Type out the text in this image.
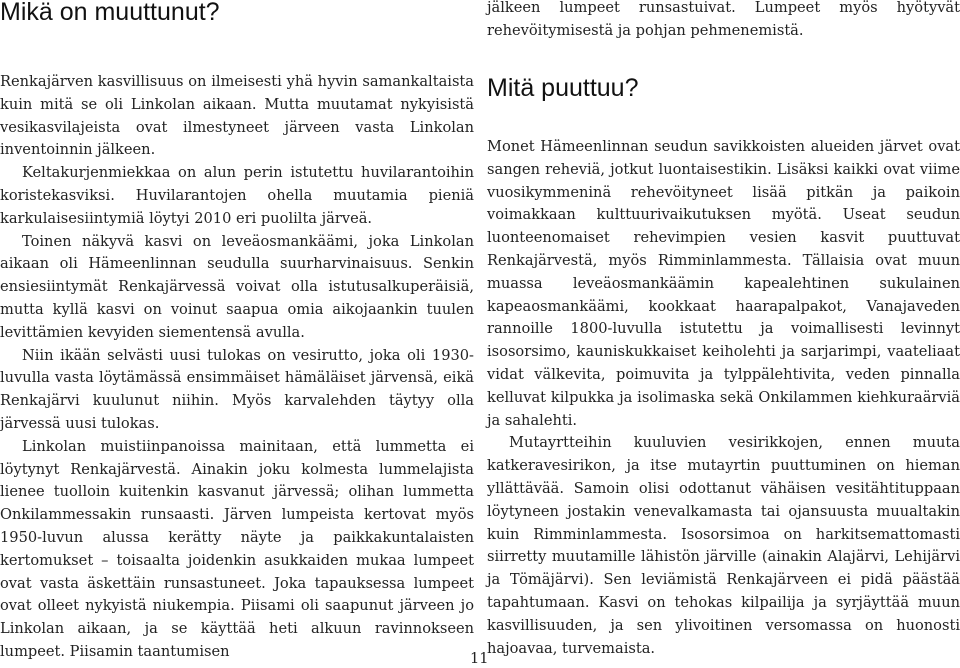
Mikä on muuttunut?

Renkajärven kasvillisuus on ilmeisesti yhä hyvin samankaltaista kuin mitä se oli Linkolan aikaan. Mutta muutamat nykyisistä vesikasvilajeista ovat ilmestyneet järveen vasta Linkolan inventoinnin jälkeen.

Keltakurjenmiekkaa on alun perin istutettu huvilarantoihin koristekasviksi. Huvilarantojen ohella muutamia pieniä karkulaisesiintymiä löytyi 2010 eri puolilta järveä.

Toinen näkyvä kasvi on leveäosmankäämi, joka Linkolan aikaan oli Hämeenlinnan seudulla suurharvinaisuus. Senkin ensiesiintymät Renkajärvessä voivat olla istutusalkuperäisiä, mutta kyllä kasvi on voinut saapua omia aikojaankin tuulen levittämien kevyiden siementensä avulla.

Niin ikään selvästi uusi tulokas on vesirutto, joka oli 1930-luvulla vasta löytämässä ensimmäiset hämäläiset järvensä, eikä Renkajärvi kuulunut niihin. Myös karvalehden täytyy olla järvessä uusi tulokas.

Linkolan muistiinpanoissa mainitaan, että lummetta ei löytynyt Renkajärvestä. Ainakin joku kolmesta lummelajista lienee tuolloin kuitenkin kasvanut järvessä; olihan lummetta Onkilammessakin runsaasti. Järven lumpeista kertovat myös 1950-luvun alussa kerätty näyte ja paikkakuntalaisten kertomukset – toisaalta joidenkin asukkaiden mukaa lumpeet ovat vasta äskettäin runsastuneet. Joka tapauksessa lumpeet ovat olleet nykyistä niukempia. Piisami oli saapunut järveen jo Linkolan aikaan, ja se käyttää heti alkuun ravinnokseen lumpeet. Piisamin taantumisen

jälkeen lumpeet runsastuivat. Lumpeet myös hyötyvät rehevöitymisestä ja pohjan pehmenemistä.

Mitä puuttuu?

Monet Hämeenlinnan seudun savikkoisten alueiden järvet ovat sangen reheviä, jotkut luontaisestikin. Lisäksi kaikki ovat viime vuosikymmeninä rehevöityneet lisää pitkän ja paikoin voimakkaan kulttuurivaikutuksen myötä. Useat seudun luonteenomaiset rehevimpien vesien kasvit puuttuvat Renkajärvestä, myös Rimminlammesta. Tällaisia ovat muun muassa leveäosmankäämin kapealehtinen sukulainen kapeaosmankäämi, kookkaat haarapalpakot, Vanajaveden rannoille 1800-luvulla istutettu ja voimallisesti levinnyt isosorsimo, kauniskukkaiset keiholehti ja sarjarimpi, vaateliaat vidat välkevita, poimuvita ja tylppälehtivita, veden pinnalla kelluvat kilpukka ja isolimaska sekä Onkilammen kiehkuraärviä ja sahalehti.

Mutayrtteihin kuuluvien vesirikkojen, ennen muuta katkeravesirikon, ja itse mutayrtin puuttuminen on hieman yllättävää. Samoin olisi odottanut vähäisen vesitähtituppaan löytyneen jostakin venevalkamasta tai ojansuusta muualtakin kuin Rimminlammesta. Isosorsimoa on harkitsemattomasti siirretty muutamille lähistön järville (ainakin Alajärvi, Lehijärvi ja Tömäjärvi). Sen leviämistä Renkajärveen ei pidä päästää tapahtumaan. Kasvi on tehokas kilpailija ja syrjäyttää muun kasvillisuuden, ja sen ylivoitinen versomassa on huonosti hajoavaa, turvemaista.

11
